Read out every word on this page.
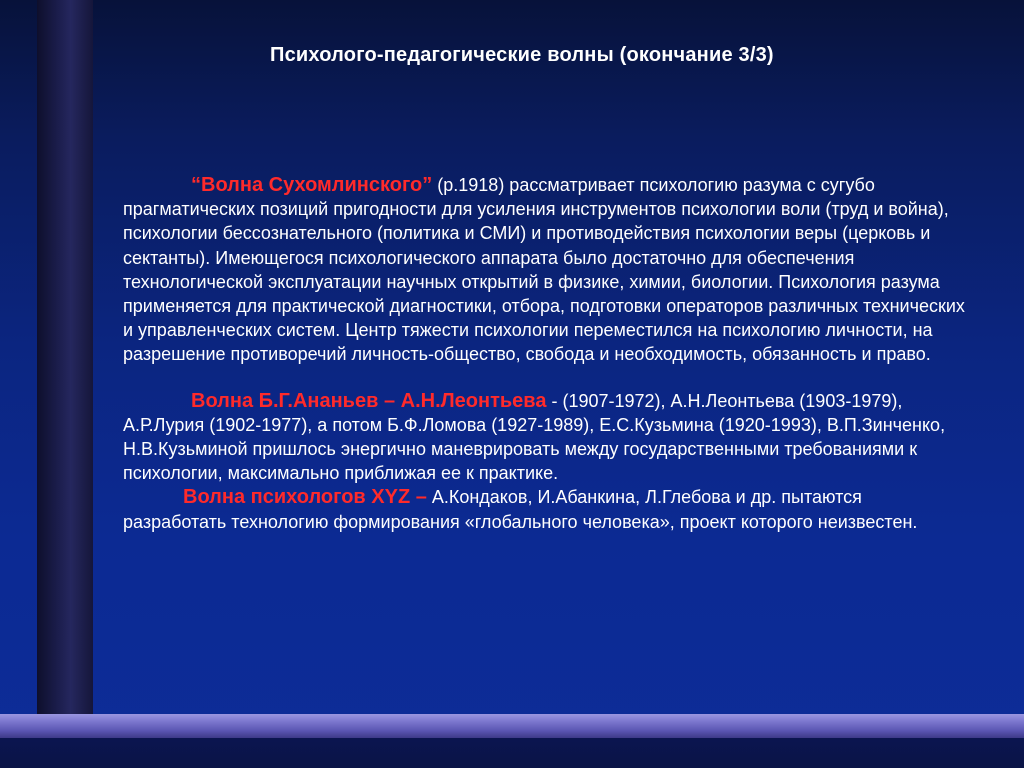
Психолого-педагогические волны (окончание 3/3)

“Волна Сухомлинского” (р.1918) рассматривает психологию разума с сугубо прагматических позиций пригодности для усиления инструментов психологии воли (труд и война), психологии бессознательного (политика и СМИ) и противодействия психологии веры (церковь и сектанты). Имеющегося психологического аппарата было достаточно для обеспечения технологической эксплуатации научных открытий в физике, химии, биологии. Психология разума применяется для практической диагностики, отбора, подготовки операторов различных технических и управленческих систем. Центр тяжести психологии переместился на психологию личности, на разрешение противоречий личность-общество, свобода и необходимость, обязанность и право.

Волна Б.Г.Ананьев – А.Н.Леонтьева - (1907-1972), А.Н.Леонтьева (1903-1979), А.Р.Лурия (1902-1977), а потом Б.Ф.Ломова (1927-1989), Е.С.Кузьмина (1920-1993), В.П.Зинченко, Н.В.Кузьминой пришлось энергично маневрировать между государственными требованиями к психологии, максимально приближая ее к практике.

Волна психологов XYZ – А.Кондаков, И.Абанкина, Л.Глебова и др. пытаются разработать технологию формирования «глобального человека», проект которого неизвестен.
